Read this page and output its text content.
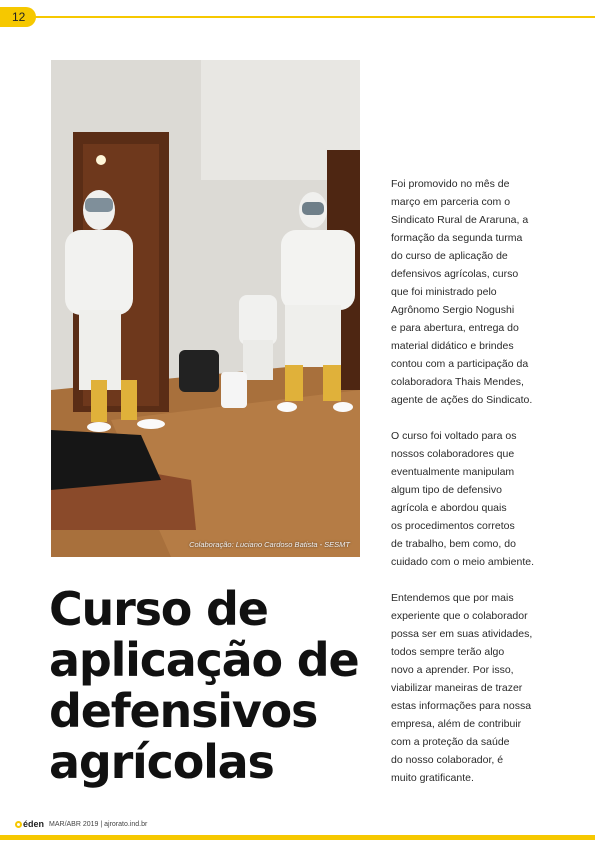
12
Colaboração: Luciano Cardoso Batista - SESMT
Curso de
aplicação de
defensivos
agrícolas

Foi promovido no mês de
março em parceria com o
Sindicato Rural de Araruna, a
formação da segunda turma
do curso de aplicação de
defensivos agrícolas, curso
que foi ministrado pelo
Agrônomo Sergio Nogushi
e para abertura, entrega do
material didático e brindes
contou com a participação da
colaboradora Thais Mendes,
agente de ações do Sindicato.

O curso foi voltado para os
nossos colaboradores que
eventualmente manipulam
algum tipo de defensivo
agrícola e abordou quais
os procedimentos corretos
de trabalho, bem como, do
cuidado com o meio ambiente.

Entendemos que por mais
experiente que o colaborador
possa ser em suas atividades,
todos sempre terão algo
novo a aprender. Por isso,
viabilizar maneiras de trazer
estas informações para nossa
empresa, além de contribuir
com a proteção da saúde
do nosso colaborador, é
muito gratificante.

éden MAR/ABR 2019 | ajrorato.ind.br
